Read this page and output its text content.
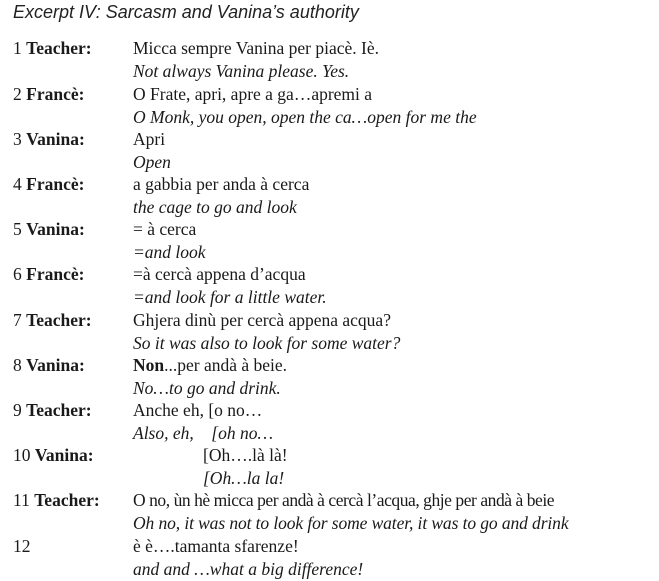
Excerpt IV: Sarcasm and Vanina’s authority
1 Teacher: Micca sempre Vanina per piacè. Iè.
Not always Vanina please. Yes.
2 Francè:	O Frate, apri, apre a ga…apremi a
O Monk, you open, open the ca…open for me the
3 Vanina:	Apri
Open
4 Francè:	a gabbia per anda à cerca
the cage to go and look
5 Vanina:	= à cerca
=and look
6 Francè:	=à cercà appena d’acqua
=and look for a little water.
7 Teacher: Ghjera dinù per cercà appena acqua?
So it was also to look for some water?
8 Vanina:	Non...per andà à beie.
No…to go and drink.
9 Teacher: Anche eh, [o no…
Also, eh,    [oh no…
10 Vanina:	[Oh….là là!
[Oh…la la!
11 Teacher: O no, ùn hè micca per andà à cercà l’acqua, ghje per andà à beie
Oh no, it was not to look for some water, it was to go and drink
12	è è….tamanta sfarenze!
and and …what a big difference!
